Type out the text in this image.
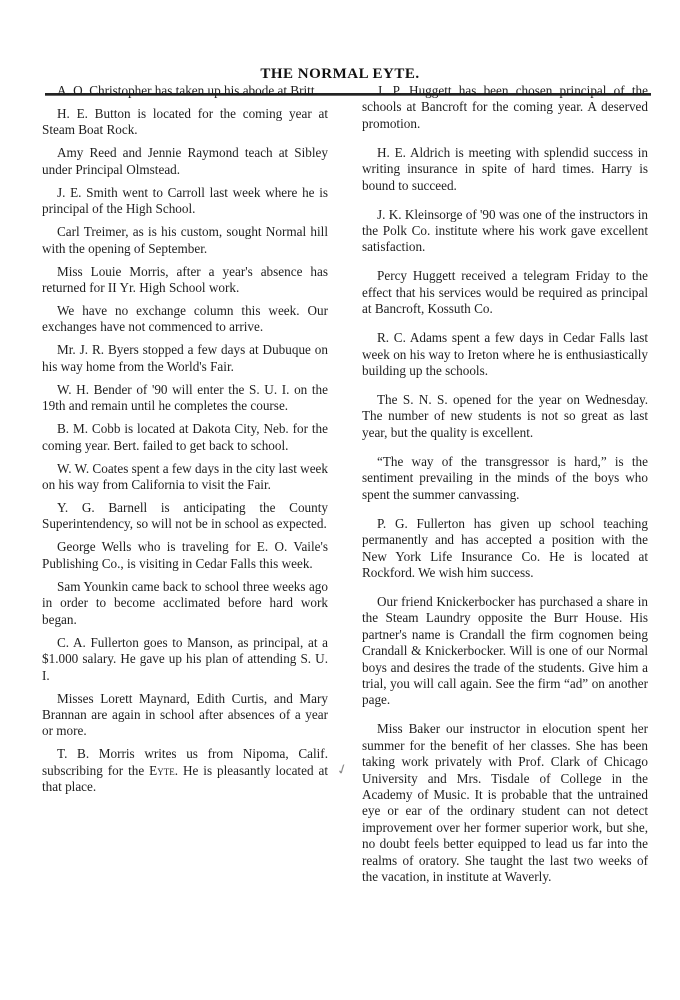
THE NORMAL EYTE.

A. O. Christopher has taken up his abode at Britt.

H. E. Button is located for the coming year at Steam Boat Rock.

Amy Reed and Jennie Raymond teach at Sibley under Principal Olmstead.

J. E. Smith went to Carroll last week where he is principal of the High School.

Carl Treimer, as is his custom, sought Normal hill with the opening of September.

Miss Louie Morris, after a year's absence has returned for II Yr. High School work.

We have no exchange column this week. Our exchanges have not commenced to arrive.

Mr. J. R. Byers stopped a few days at Dubuque on his way home from the World's Fair.

W. H. Bender of '90 will enter the S. U. I. on the 19th and remain until he completes the course.

B. M. Cobb is located at Dakota City, Neb. for the coming year. Bert. failed to get back to school.

W. W. Coates spent a few days in the city last week on his way from California to visit the Fair.

Y. G. Barnell is anticipating the County Superintendency, so will not be in school as expected.

George Wells who is traveling for E. O. Vaile's Publishing Co., is visiting in Cedar Falls this week.

Sam Younkin came back to school three weeks ago in order to become acclimated before hard work began.

C. A. Fullerton goes to Manson, as principal, at a $1.000 salary. He gave up his plan of attending S. U. I.

Misses Lorett Maynard, Edith Curtis, and Mary Brannan are again in school after absences of a year or more.

T. B. Morris writes us from Nipoma, Calif. subscribing for the Eyte. He is pleasantly located at that place.

J. P. Huggett has been chosen principal of the schools at Bancroft for the coming year. A deserved promotion.

H. E. Aldrich is meeting with splendid success in writing insurance in spite of hard times. Harry is bound to succeed.

J. K. Kleinsorge of '90 was one of the instructors in the Polk Co. institute where his work gave excellent satisfaction.

Percy Huggett received a telegram Friday to the effect that his services would be required as principal at Bancroft, Kossuth Co.

R. C. Adams spent a few days in Cedar Falls last week on his way to Ireton where he is enthusiastically building up the schools.

The S. N. S. opened for the year on Wednesday. The number of new students is not so great as last year, but the quality is excellent.

“The way of the transgressor is hard,” is the sentiment prevailing in the minds of the boys who spent the summer canvassing.

P. G. Fullerton has given up school teaching permanently and has accepted a position with the New York Life Insurance Co. He is located at Rockford. We wish him success.

Our friend Knickerbocker has purchased a share in the Steam Laundry opposite the Burr House. His partner's name is Crandall the firm cognomen being Crandall & Knickerbocker. Will is one of our Normal boys and desires the trade of the students. Give him a trial, you will call again. See the firm “ad” on another page.

Miss Baker our instructor in elocution spent her summer for the benefit of her classes. She has been taking work privately with Prof. Clark of Chicago University and Mrs. Tisdale of College in the Academy of Music. It is probable that the untrained eye or ear of the ordinary student can not detect improvement over her former superior work, but she, no doubt feels better equipped to lead us far into the realms of oratory. She taught the last two weeks of the vacation, in institute at Waverly.

✓
